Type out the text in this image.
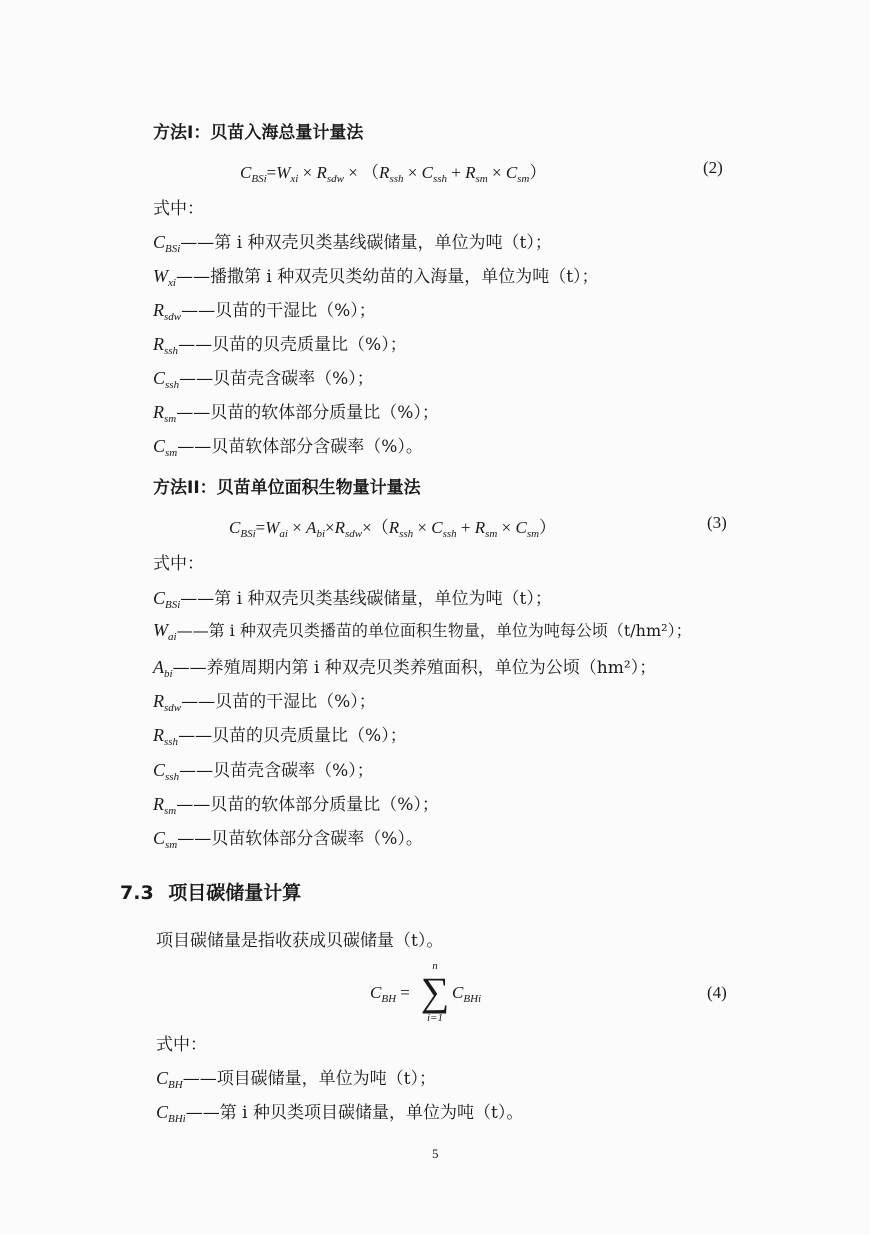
方法I：贝苗入海总量计量法
$C_{BSi}=W_{xi} \times R_{sdw} \times (R_{ssh} \times C_{ssh} + R_{sm} \times C_{sm})$	(2)
式中：
$C_{BSi}——$第 i 种双壳贝类基线碳储量，单位为吨（t）；
$W_{xi}——$播撒第 i 种双壳贝类幼苗的入海量，单位为吨（t）；
$R_{sdw}——$贝苗的干湿比（%）；
$R_{ssh}——$贝苗的贝壳质量比（%）；
$C_{ssh}——$贝苗壳含碳率（%）；
$R_{sm}——$贝苗的软体部分质量比（%）；
$C_{sm}——$贝苗软体部分含碳率（%）。
方法II：贝苗单位面积生物量计量法
$C_{BSi}=W_{ai} \times A_{bi}\times R_{sdw}\times(R_{ssh} \times C_{ssh} + R_{sm} \times C_{sm})$	(3)
式中：
$C_{BSi}——$第 i 种双壳贝类基线碳储量，单位为吨（t）；
$W_{ai}——$第 i 种双壳贝类播苗的单位面积生物量，单位为吨每公顷（t/hm²）；
$A_{bi}——$养殖周期内第 i 种双壳贝类养殖面积，单位为公顷（hm²）；
$R_{sdw}——$贝苗的干湿比（%）；
$R_{ssh}——$贝苗的贝壳质量比（%）；
$C_{ssh}——$贝苗壳含碳率（%）；
$R_{sm}——$贝苗的软体部分质量比（%）；
$C_{sm}——$贝苗软体部分含碳率（%）。
7.3 项目碳储量计算
项目碳储量是指收获成贝碳储量（t）。
$C_{BH}$ =
n
∑
i=1
$C_{BHi}$	(4)
式中：
$C_{BH}——$项目碳储量，单位为吨（t）；
$C_{BHi}——$第 i 种贝类项目碳储量，单位为吨（t）。
5
